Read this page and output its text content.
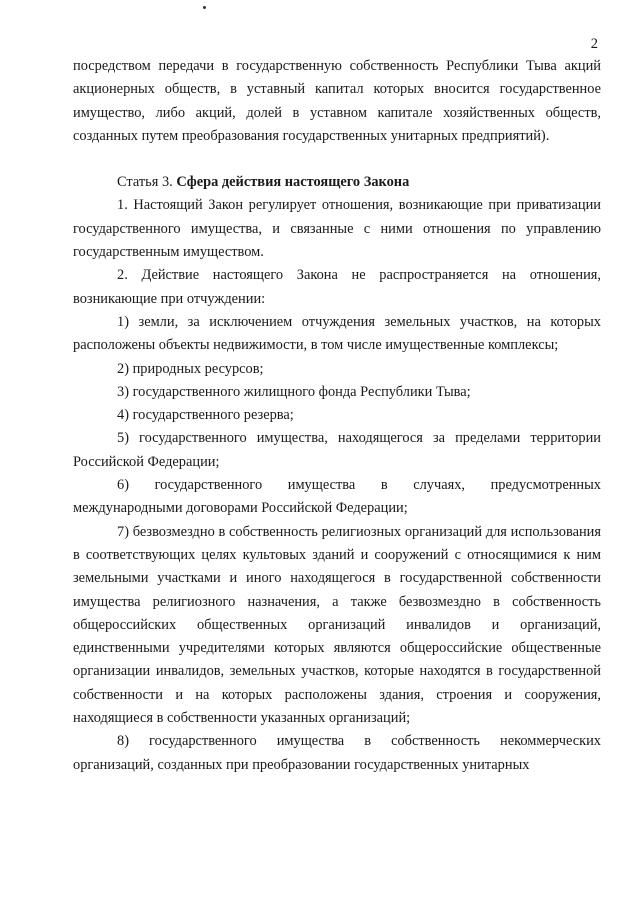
2

посредством передачи в государственную собственность Республики Тыва акций акционерных обществ, в уставный капитал которых вносится государственное имущество, либо акций, долей в уставном капитале хозяйственных обществ, созданных путем преобразования государственных унитарных предприятий).

Статья 3. Сфера действия настоящего Закона

1. Настоящий Закон регулирует отношения, возникающие при приватизации государственного имущества, и связанные с ними отношения по управлению государственным имуществом.

2. Действие настоящего Закона не распространяется на отношения, возникающие при отчуждении:

1) земли, за исключением отчуждения земельных участков, на которых расположены объекты недвижимости, в том числе имущественные комплексы;

2) природных ресурсов;

3) государственного жилищного фонда Республики Тыва;

4) государственного резерва;

5) государственного имущества, находящегося за пределами территории Российской Федерации;

6) государственного имущества в случаях, предусмотренных международными договорами Российской Федерации;

7) безвозмездно в собственность религиозных организаций для использования в соответствующих целях культовых зданий и сооружений с относящимися к ним земельными участками и иного находящегося в государственной собственности имущества религиозного назначения, а также безвозмездно в собственность общероссийских общественных организаций инвалидов и организаций, единственными учредителями которых являются общероссийские общественные организации инвалидов, земельных участков, которые находятся в государственной собственности и на которых расположены здания, строения и сооружения, находящиеся в собственности указанных организаций;

8) государственного имущества в собственность некоммерческих организаций, созданных при преобразовании государственных унитарных
